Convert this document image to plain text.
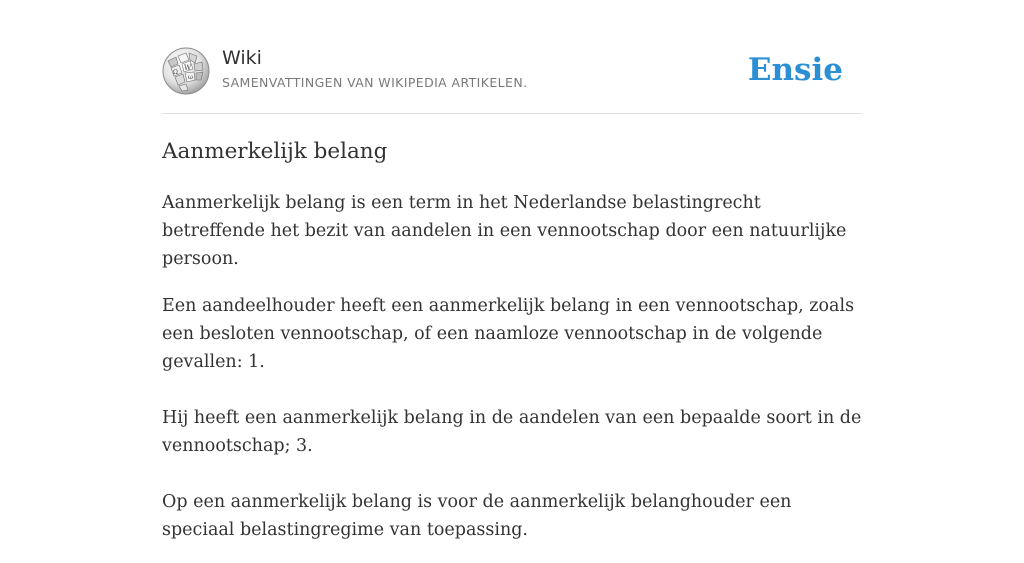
W
Ω
ω
Wiki
SAMENVATTINGEN VAN WIKIPEDIA ARTIKELEN.	Ensie
Aanmerkelijk belang

Aanmerkelijk belang is een term in het Nederlandse belastingrecht betreffende het bezit van aandelen in een vennootschap door een natuurlijke persoon.

Een aandeelhouder heeft een aanmerkelijk belang in een vennootschap, zoals een besloten vennootschap, of een naamloze vennootschap in de volgende gevallen: 1.

Hij heeft een aanmerkelijk belang in de aandelen van een bepaalde soort in de vennootschap; 3.

Op een aanmerkelijk belang is voor de aanmerkelijk belanghouder een speciaal belastingregime van toepassing.
